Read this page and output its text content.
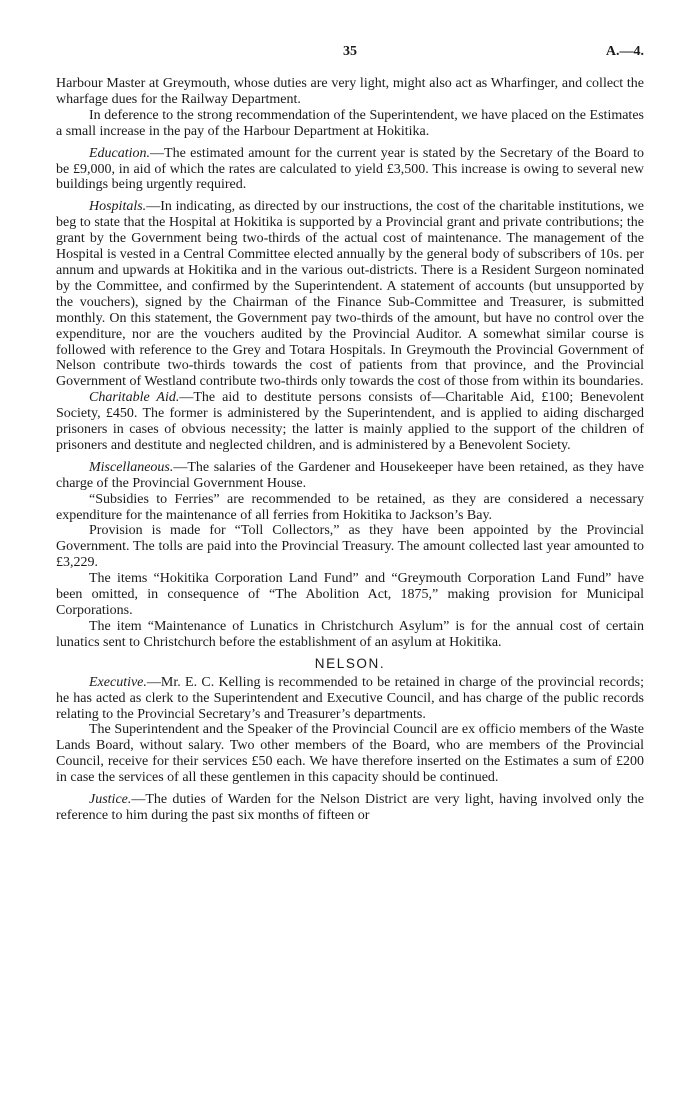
35	A.—4.

Harbour Master at Greymouth, whose duties are very light, might also act as Wharfinger, and collect the wharfage dues for the Railway Department.

In deference to the strong recommendation of the Superintendent, we have placed on the Estimates a small increase in the pay of the Harbour Department at Hokitika.

Education.—The estimated amount for the current year is stated by the Secretary of the Board to be £9,000, in aid of which the rates are calculated to yield £3,500. This increase is owing to several new buildings being urgently required.

Hospitals.—In indicating, as directed by our instructions, the cost of the charitable institutions, we beg to state that the Hospital at Hokitika is supported by a Provincial grant and private contributions; the grant by the Government being two-thirds of the actual cost of maintenance. The management of the Hospital is vested in a Central Committee elected annually by the general body of subscribers of 10s. per annum and upwards at Hokitika and in the various out-districts. There is a Resident Surgeon nominated by the Committee, and confirmed by the Superintendent. A statement of accounts (but unsupported by the vouchers), signed by the Chairman of the Finance Sub-Committee and Treasurer, is submitted monthly. On this statement, the Government pay two-thirds of the amount, but have no control over the expenditure, nor are the vouchers audited by the Provincial Auditor. A somewhat similar course is followed with reference to the Grey and Totara Hospitals. In Greymouth the Provincial Government of Nelson contribute two-thirds towards the cost of patients from that province, and the Provincial Government of Westland contribute two-thirds only towards the cost of those from within its boundaries.

Charitable Aid.—The aid to destitute persons consists of—Charitable Aid, £100; Benevolent Society, £450. The former is administered by the Superintendent, and is applied to aiding discharged prisoners in cases of obvious necessity; the latter is mainly applied to the support of the children of prisoners and destitute and neglected children, and is administered by a Benevolent Society.

Miscellaneous.—The salaries of the Gardener and Housekeeper have been retained, as they have charge of the Provincial Government House.

“Subsidies to Ferries” are recommended to be retained, as they are considered a necessary expenditure for the maintenance of all ferries from Hokitika to Jackson’s Bay.

Provision is made for “Toll Collectors,” as they have been appointed by the Provincial Government. The tolls are paid into the Provincial Treasury. The amount collected last year amounted to £3,229.

The items “Hokitika Corporation Land Fund” and “Greymouth Corporation Land Fund” have been omitted, in consequence of “The Abolition Act, 1875,” making provision for Municipal Corporations.

The item “Maintenance of Lunatics in Christchurch Asylum” is for the annual cost of certain lunatics sent to Christchurch before the establishment of an asylum at Hokitika.

NELSON.

Executive.—Mr. E. C. Kelling is recommended to be retained in charge of the provincial records; he has acted as clerk to the Superintendent and Executive Council, and has charge of the public records relating to the Provincial Secretary’s and Treasurer’s departments.

The Superintendent and the Speaker of the Provincial Council are ex officio members of the Waste Lands Board, without salary. Two other members of the Board, who are members of the Provincial Council, receive for their services £50 each. We have therefore inserted on the Estimates a sum of £200 in case the services of all these gentlemen in this capacity should be continued.

Justice.—The duties of Warden for the Nelson District are very light, having involved only the reference to him during the past six months of fifteen or
